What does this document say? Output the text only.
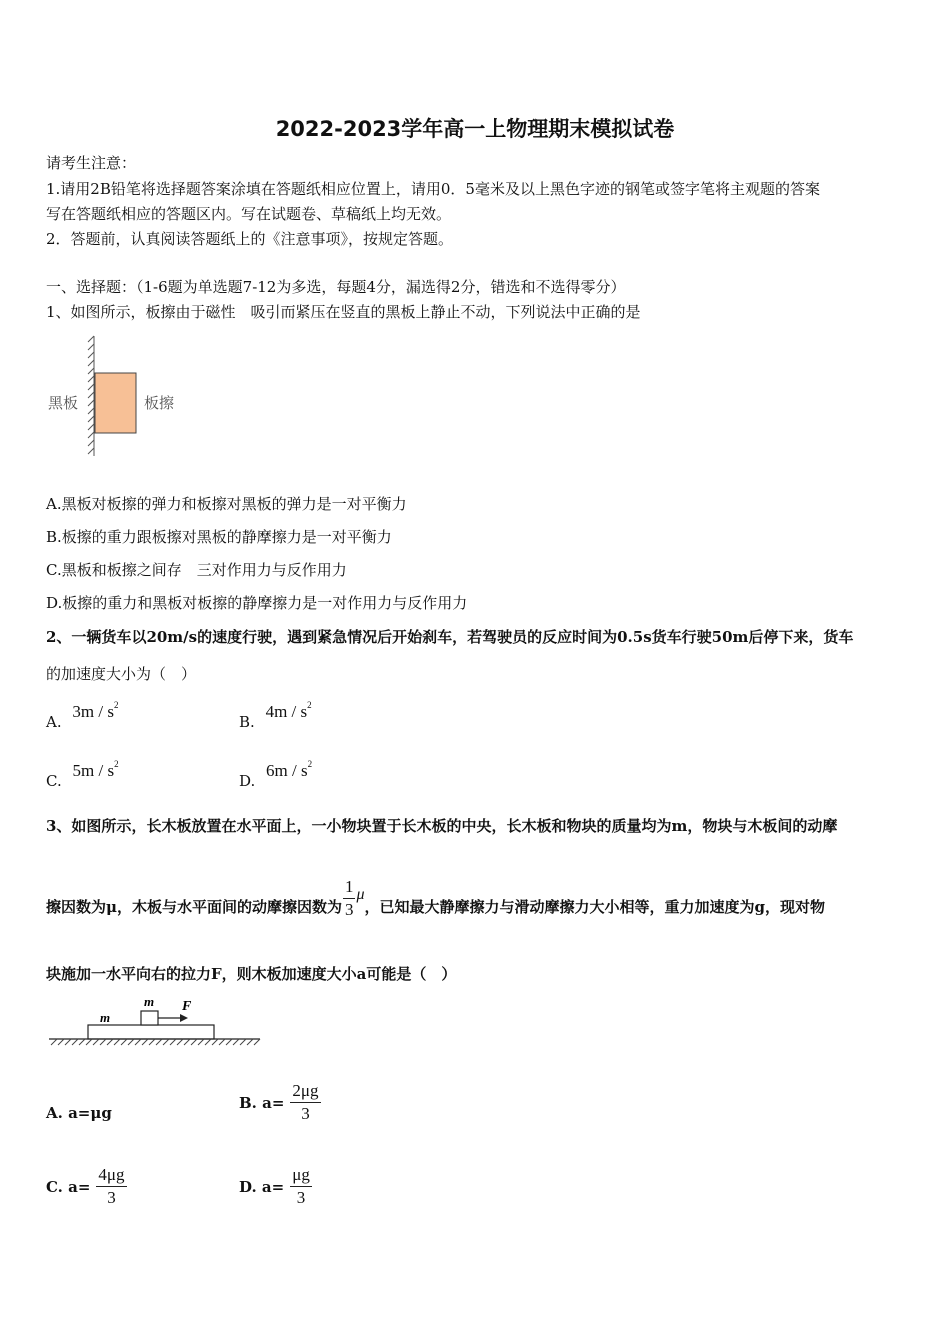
2022-2023学年高一上物理期末模拟试卷
请考生注意：
1.请用2B铅笔将选择题答案涂填在答题纸相应位置上，请用0．5毫米及以上黑色字迹的钢笔或签字笔将主观题的答案
写在答题纸相应的答题区内。写在试题卷、草稿纸上均无效。
2．答题前，认真阅读答题纸上的《注意事项》，按规定答题。
一、选择题：（1-6题为单选题7-12为多选，每题4分，漏选得2分，错选和不选得零分）
1、如图所示，板擦由于磁性　吸引而紧压在竖直的黑板上静止不动，下列说法中正确的是
黑板	板擦
A.黑板对板擦的弹力和板擦对黑板的弹力是一对平衡力
B.板擦的重力跟板擦对黑板的静摩擦力是一对平衡力
C.黑板和板擦之间存　三对作用力与反作用力
D.板擦的重力和黑板对板擦的静摩擦力是一对作用力与反作用力
2、一辆货车以20m/s的速度行驶，遇到紧急情况后开始刹车，若驾驶员的反应时间为0.5s货车行驶50m后停下来，货车
的加速度大小为（　）
A. $3m / s^2$
B. $4m / s^2$
C. $5m / s^2$
D. $6m / s^2$
3、如图所示，长木板放置在水平面上，一小物块置于长木板的中央，长木板和物块的质量均为m，物块与木板间的动摩
擦因数为μ，木板与水平面间的动摩擦因数为 $\frac{1}{3}$ μ
，已知最大静摩擦力与滑动摩擦力大小相等，重力加速度为g，现对物
块施加一水平向右的拉力F，则木板加速度大小a可能是（　）
m
m F
A. a=μg
B. $a= \frac{2\mu g}{3}$
C. $a= \frac{4\mu g}{3}$	D. $a= \frac{\mu g}{3}$
